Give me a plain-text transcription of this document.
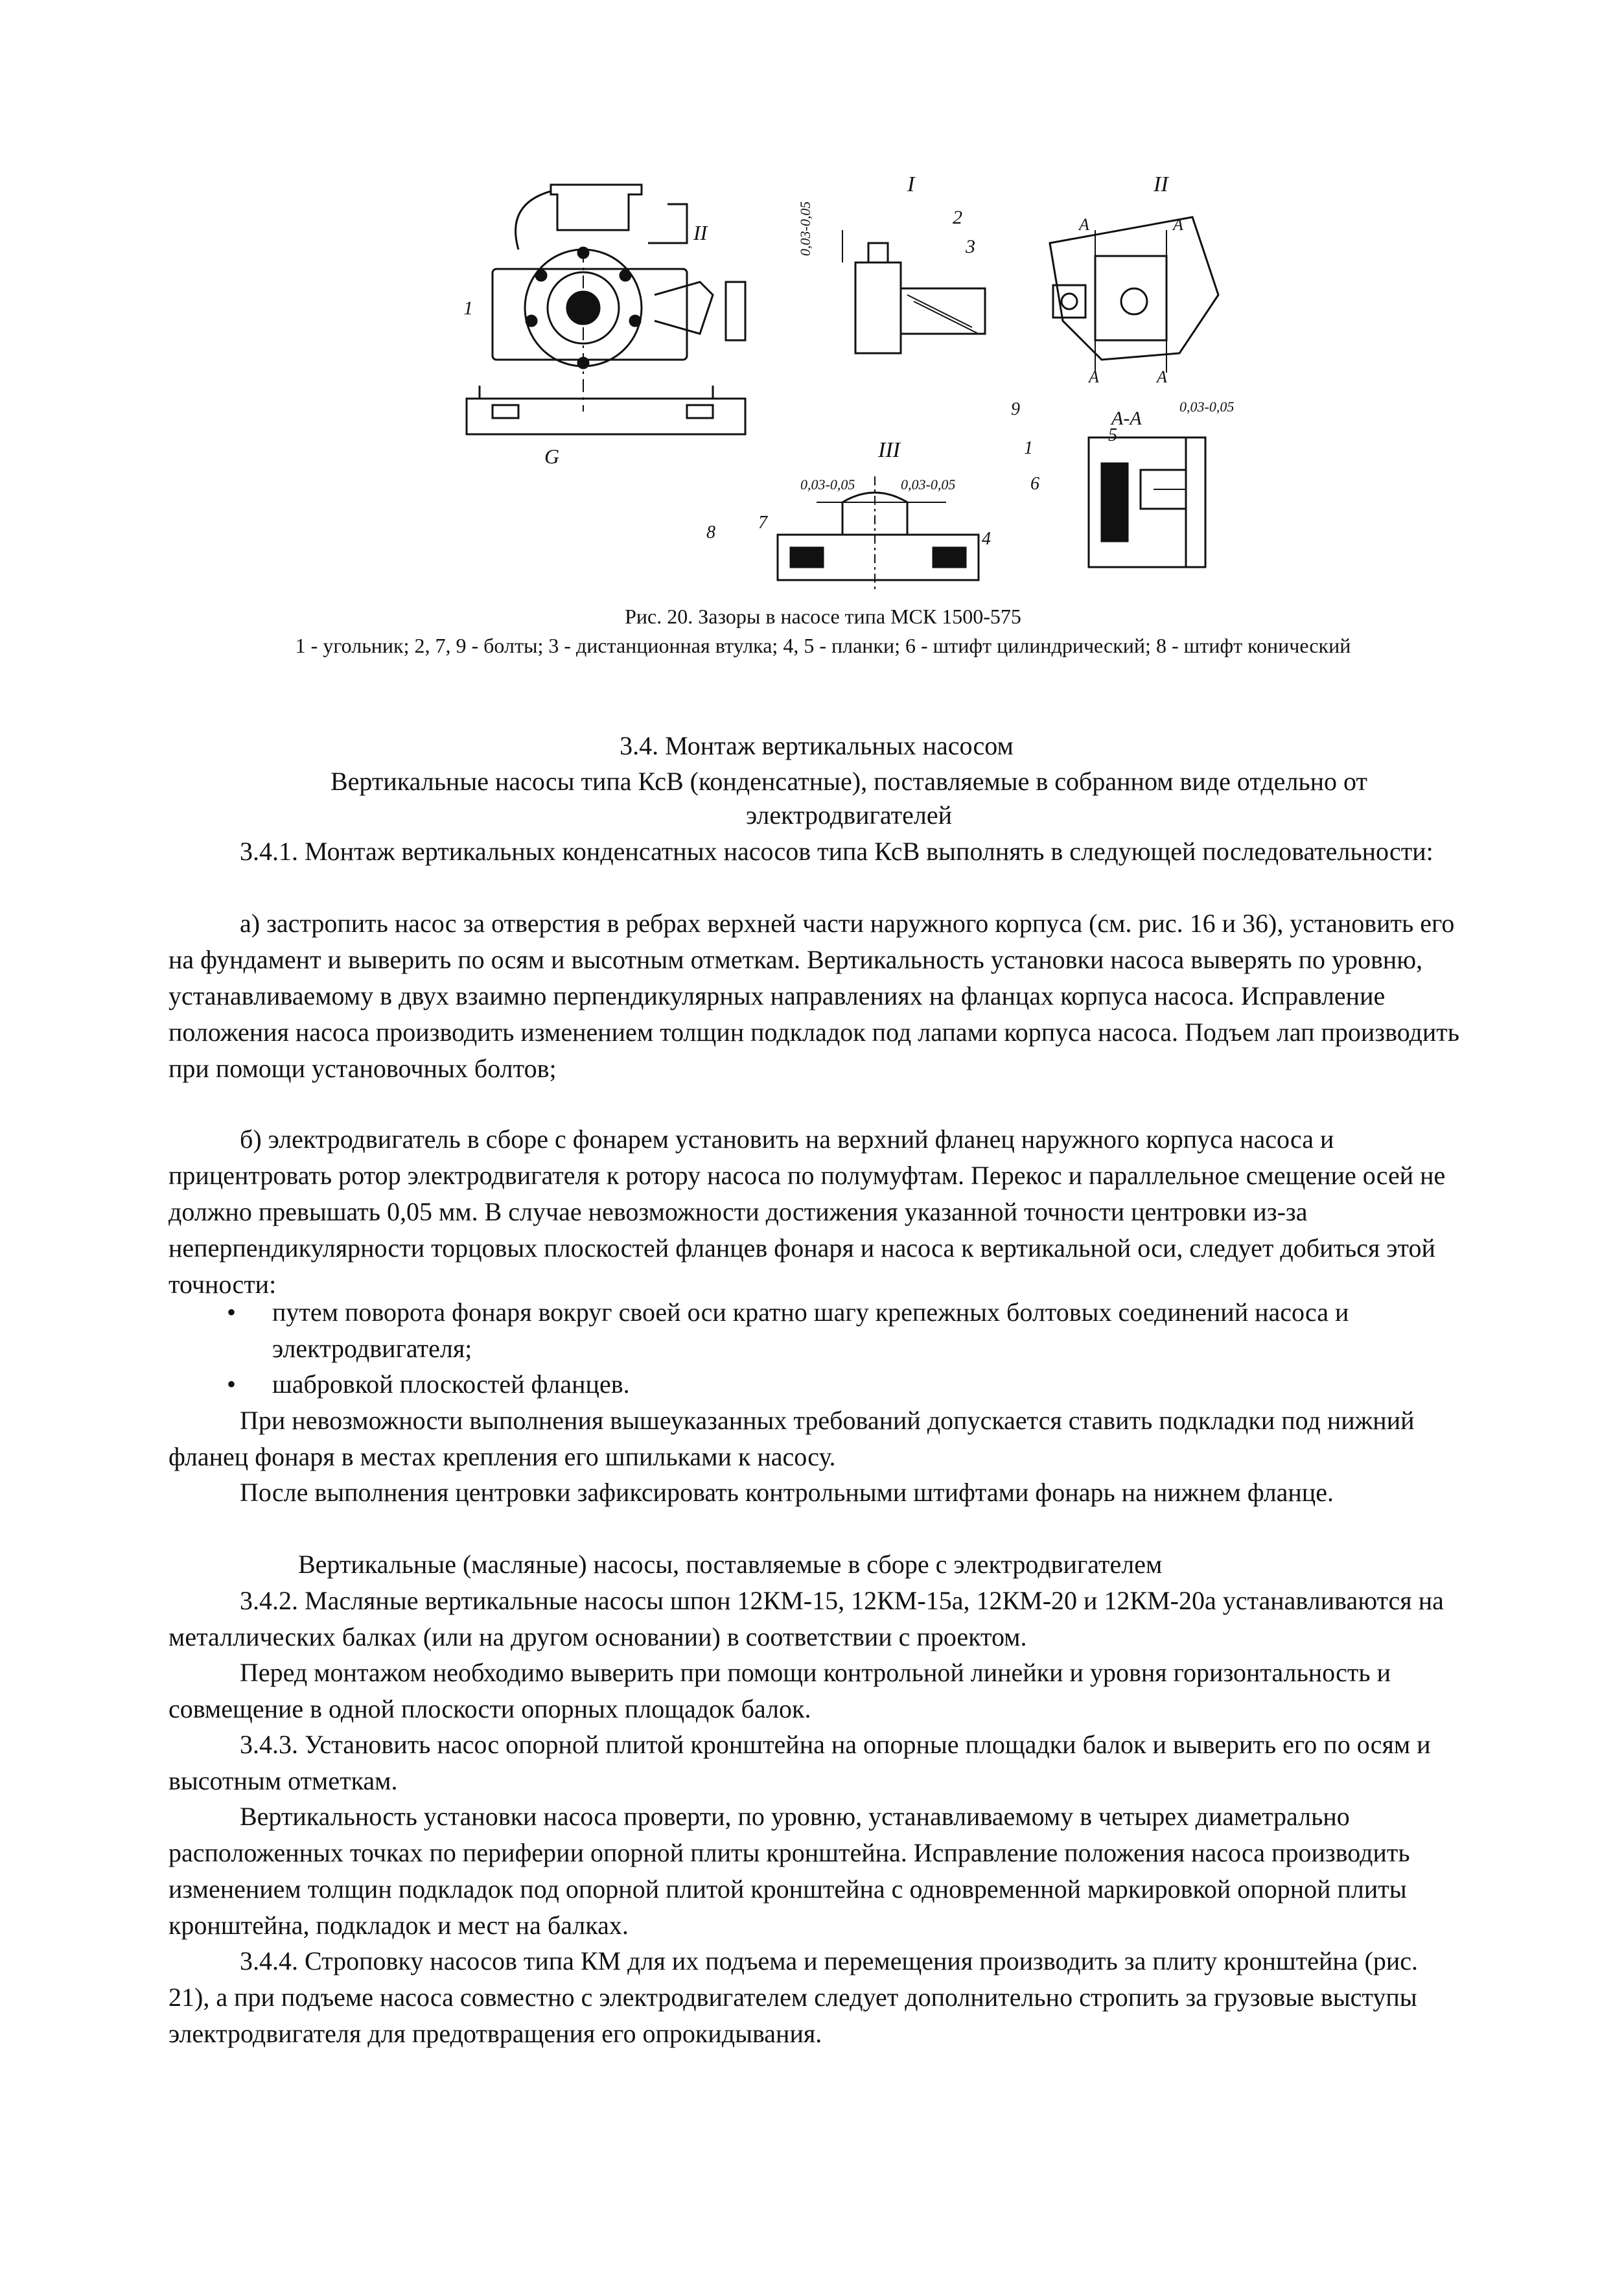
II
1
G
I
2
3
0,03-0,05
II
А	А
А	А
А-А
0,03-0,05
9
1
5
6
III
0,03-0,05	0,03-0,05
8 7
4
Рис. 20. Зазоры в насосе типа МСК 1500-575
1 - угольник; 2, 7, 9 - болты; 3 - дистанционная втулка; 4, 5 - планки; 6 - штифт цилиндрический; 8 - штифт конический
3.4. Монтаж вертикальных насосом
Вертикальные насосы типа КсВ (конденсатные), поставляемые в собранном виде отдельно от электродвигателей
3.4.1. Монтаж вертикальных конденсатных насосов типа КсВ выполнять в следующей последовательности:
а) застропить насос за отверстия в ребрах верхней части наружного корпуса (см. рис. 16 и 36), установить его на фундамент и выверить по осям и высотным отметкам. Вертикальность установки насоса выверять по уровню, устанавливаемому в двух взаимно перпендикулярных направлениях на фланцах корпуса насоса. Исправление положения насоса производить изменением толщин подкладок под лапами корпуса насоса. Подъем лап производить при помощи установочных болтов;
б) электродвигатель в сборе с фонарем установить на верхний фланец наружного корпуса насоса и прицентровать ротор электродвигателя к ротору насоса по полумуфтам. Перекос и параллельное смещение осей не должно превышать 0,05 мм. В случае невозможности достижения указанной точности центровки из-за неперпендикулярности торцовых плоскостей фланцев фонаря и насоса к вертикальной оси, следует добиться этой точности:
• путем поворота фонаря вокруг своей оси кратно шагу крепежных болтовых соединений насоса и электродвигателя;
• шабровкой плоскостей фланцев.
При невозможности выполнения вышеуказанных требований допускается ставить подкладки под нижний фланец фонаря в местах крепления его шпильками к насосу.
После выполнения центровки зафиксировать контрольными штифтами фонарь на нижнем фланце.
Вертикальные (масляные) насосы, поставляемые в сборе с электродвигателем
3.4.2. Масляные вертикальные насосы шпон 12КМ-15, 12КМ-15а, 12КМ-20 и 12КМ-20а устанавливаются на металлических балках (или на другом основании) в соответствии с проектом.
Перед монтажом необходимо выверить при помощи контрольной линейки и уровня горизонтальность и совмещение в одной плоскости опорных площадок балок.
3.4.3. Установить насос опорной плитой кронштейна на опорные площадки балок и выверить его по осям и высотным отметкам.
Вертикальность установки насоса проверти, по уровню, устанавливаемому в четырех диаметрально расположенных точках по периферии опорной плиты кронштейна. Исправление положения насоса производить изменением толщин подкладок под опорной плитой кронштейна с одновременной маркировкой опорной плиты кронштейна, подкладок и мест на балках.
3.4.4. Строповку насосов типа КМ для их подъема и перемещения производить за плиту кронштейна (рис. 21), а при подъеме насоса совместно с электродвигателем следует дополнительно стропить за грузовые выступы электродвигателя для предотвращения его опрокидывания.
